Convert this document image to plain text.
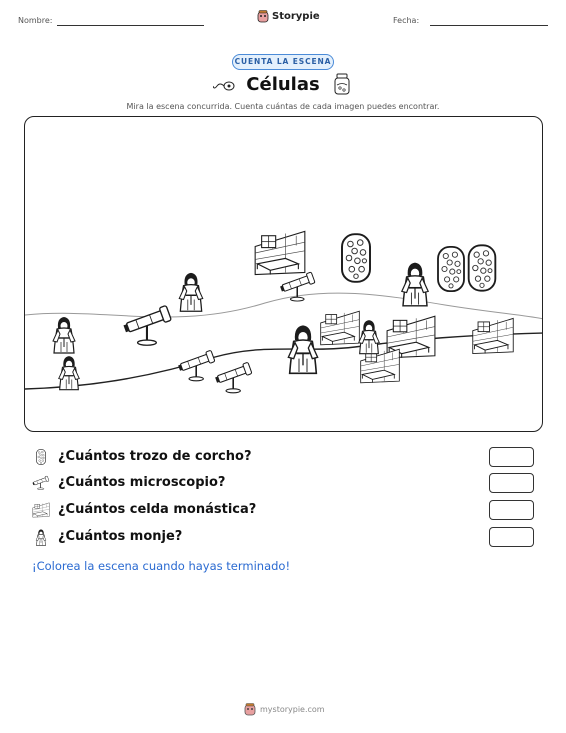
Nombre:	Storypie	Fecha:
CUENTA LA ESCENA
Células
Mira la escena concurrida. Cuenta cuántas de cada imagen puedes encontrar.
¿Cuántos trozo de corcho?
¿Cuántos microscopio?
¿Cuántos celda monástica?
¿Cuántos monje?
¡Colorea la escena cuando hayas terminado!
mystorypie.com
